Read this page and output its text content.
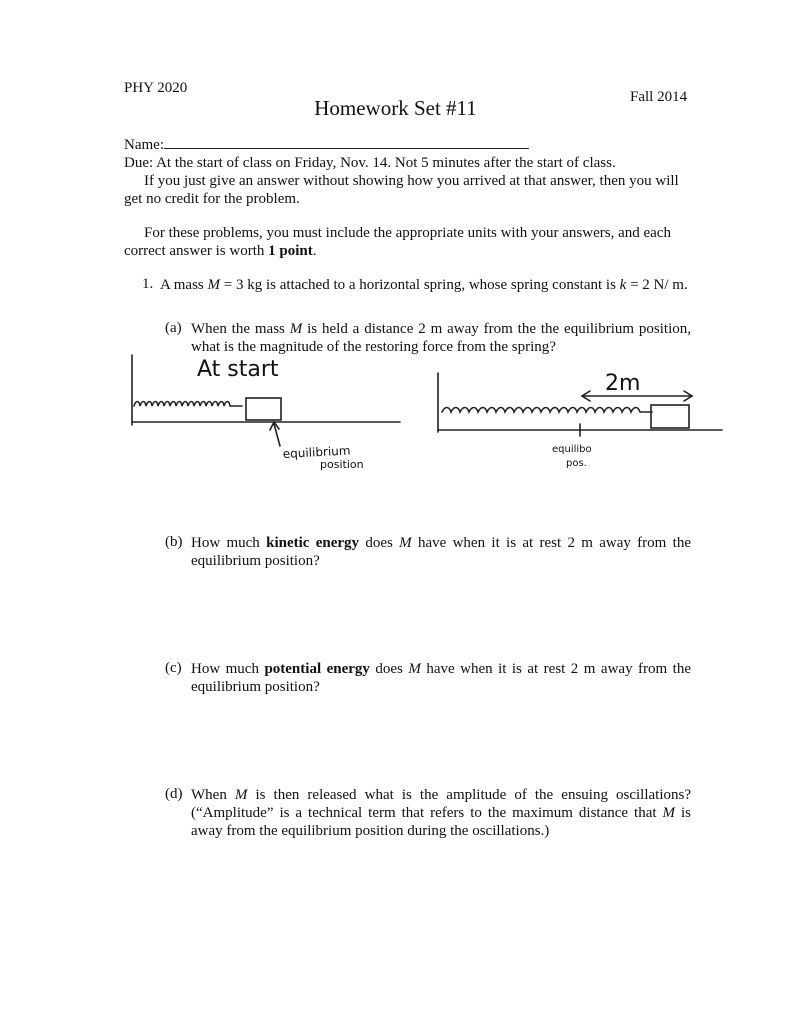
PHY 2020
Fall 2014
Homework Set #11
Name:
Due: At the start of class on Friday, Nov. 14. Not 5 minutes after the start of class.
If you just give an answer without showing how you arrived at that answer, then you will get no credit for the problem.
For these problems, you must include the appropriate units with your answers, and each correct answer is worth 1 point.
1. A mass M = 3 kg is attached to a horizontal spring, whose spring constant is k = 2 N/ m.
(a) When the mass M is held a distance 2 m away from the the equilibrium position, what is the magnitude of the restoring force from the spring?
(b) How much kinetic energy does M have when it is at rest 2 m away from the equilibrium position?
(c) How much potential energy does M have when it is at rest 2 m away from the equilibrium position?
(d) When M is then released what is the amplitude of the ensuing oscillations? (“Amplitude” is a technical term that refers to the maximum distance that M is away from the equilibrium position during the oscillations.)
At start
equilibrium
position
2m
equilibo
pos.
